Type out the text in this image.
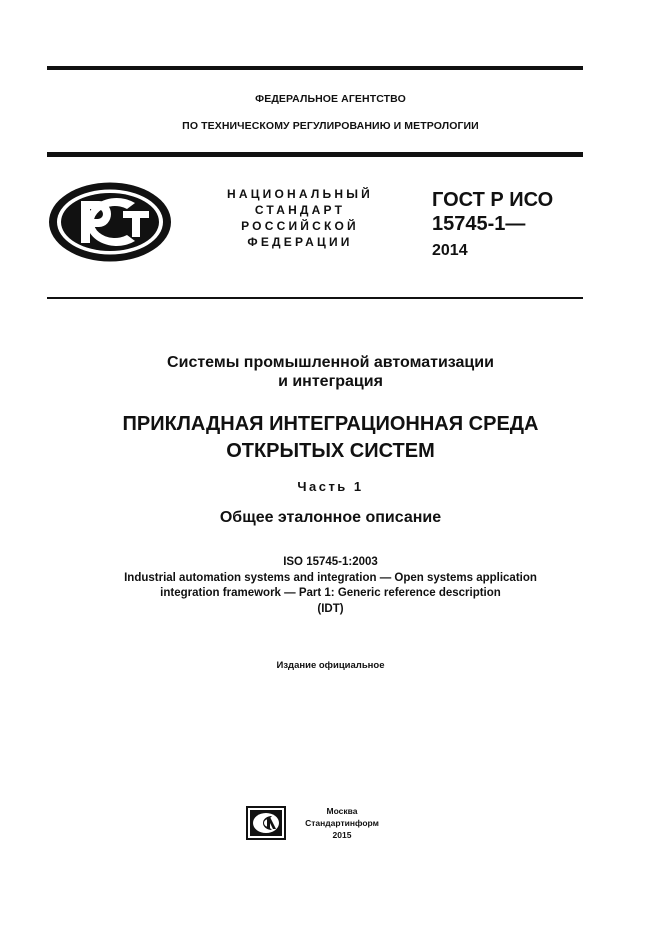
ФЕДЕРАЛЬНОЕ АГЕНТСТВО
ПО ТЕХНИЧЕСКОМУ РЕГУЛИРОВАНИЮ И МЕТРОЛОГИИ
НАЦИОНАЛЬНЫЙ
СТАНДАРТ
РОССИЙСКОЙ
ФЕДЕРАЦИИ
ГОСТ Р ИСО
15745-1—
2014
Системы промышленной автоматизации
и интеграция
ПРИКЛАДНАЯ ИНТЕГРАЦИОННАЯ СРЕДА
ОТКРЫТЫХ СИСТЕМ
Часть 1
Общее эталонное описание
ISO 15745-1:2003
Industrial automation systems and integration — Open systems application
integration framework — Part 1: Generic reference description
(IDT)
Издание официальное
Москва
Стандартинформ
2015
